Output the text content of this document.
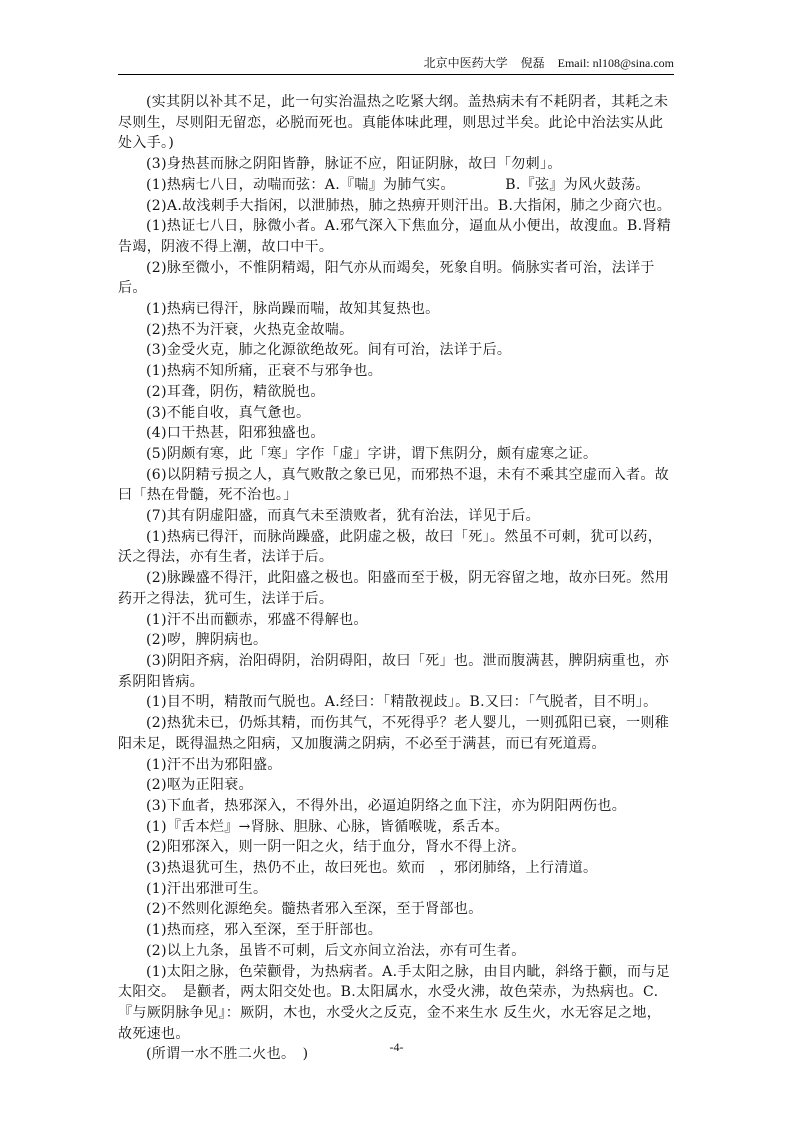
北京中医药大学 倪磊 Email: nl108@sina.com

(实其阴以补其不足，此一句实治温热之吃紧大纲。盖热病未有不耗阴者，其耗之未尽则生，尽则阳无留恋，必脱而死也。真能体味此理，则思过半矣。此论中治法实从此处入手。)

(3)身热甚而脉之阴阳皆静，脉证不应，阳证阴脉，故曰「勿刺」。

(1)热病七八日，动喘而弦：A.『喘』为肺气实。　　　　B.『弦』为风火鼓荡。

(2)A.故浅刺手大指闲，以泄肺热，肺之热痹开则汗出。B.大指闲，肺之少商穴也。

(1)热证七八日，脉微小者。A.邪气深入下焦血分，逼血从小便出，故溲血。B.肾精告竭，阴液不得上潮，故口中干。

(2)脉至微小，不惟阴精竭，阳气亦从而竭矣，死象自明。倘脉实者可治，法详于后。

(1)热病已得汗，脉尚躁而喘，故知其复热也。

(2)热不为汗衰，火热克金故喘。

(3)金受火克，肺之化源欲绝故死。间有可治，法详于后。

(1)热病不知所痛，正衰不与邪争也。

(2)耳聋，阴伤，精欲脱也。

(3)不能自收，真气惫也。

(4)口干热甚，阳邪独盛也。

(5)阴颇有寒，此「寒」字作「虚」字讲，谓下焦阴分，颇有虚寒之证。

(6)以阴精亏损之人，真气败散之象已见，而邪热不退，未有不乘其空虚而入者。故曰「热在骨髓，死不治也。」

(7)其有阴虚阳盛，而真气未至溃败者，犹有治法，详见于后。

(1)热病已得汗，而脉尚躁盛，此阴虚之极，故曰「死」。然虽不可刺，犹可以药，沃之得法，亦有生者，法详于后。

(2)脉躁盛不得汗，此阳盛之极也。阳盛而至于极，阴无容留之地，故亦曰死。然用药开之得法，犹可生，法详于后。

(1)汗不出而颧赤，邪盛不得解也。

(2)哕，脾阴病也。

(3)阴阳齐病，治阳碍阴，治阴碍阳，故曰「死」也。泄而腹满甚，脾阴病重也，亦系阴阳皆病。

(1)目不明，精散而气脱也。A.经曰：「精散视歧」。B.又曰：「气脱者，目不明」。

(2)热犹未已，仍烁其精，而伤其气，不死得乎？老人婴儿，一则孤阳已衰，一则稚阳未足，既得温热之阳病，又加腹满之阴病，不必至于满甚，而已有死道焉。

(1)汗不出为邪阳盛。

(2)呕为正阳衰。

(3)下血者，热邪深入，不得外出，必逼迫阴络之血下注，亦为阴阳两伤也。

(1)『舌本烂』→肾脉、胆脉、心脉，皆循喉咙，系舌本。

(2)阳邪深入，则一阴一阳之火，结于血分，肾水不得上济。

(3)热退犹可生，热仍不止，故曰死也。欬而　，邪闭肺络，上行清道。

(1)汗出邪泄可生。

(2)不然则化源绝矣。髓热者邪入至深，至于肾部也。

(1)热而痉，邪入至深，至于肝部也。

(2)以上九条，虽皆不可刺，后文亦间立治法，亦有可生者。

(1)太阳之脉，色荣颧骨，为热病者。A.手太阳之脉，由目内眦，斜络于颧，而与足太阳交。　是颧者，两太阳交处也。B.太阳属水，水受火沸，故色荣赤，为热病也。C.『与厥阴脉争见』：厥阴，木也，水受火之反克，金不来生水 反生火，水无容足之地，故死速也。

(所谓一水不胜二火也。　)	-4-
